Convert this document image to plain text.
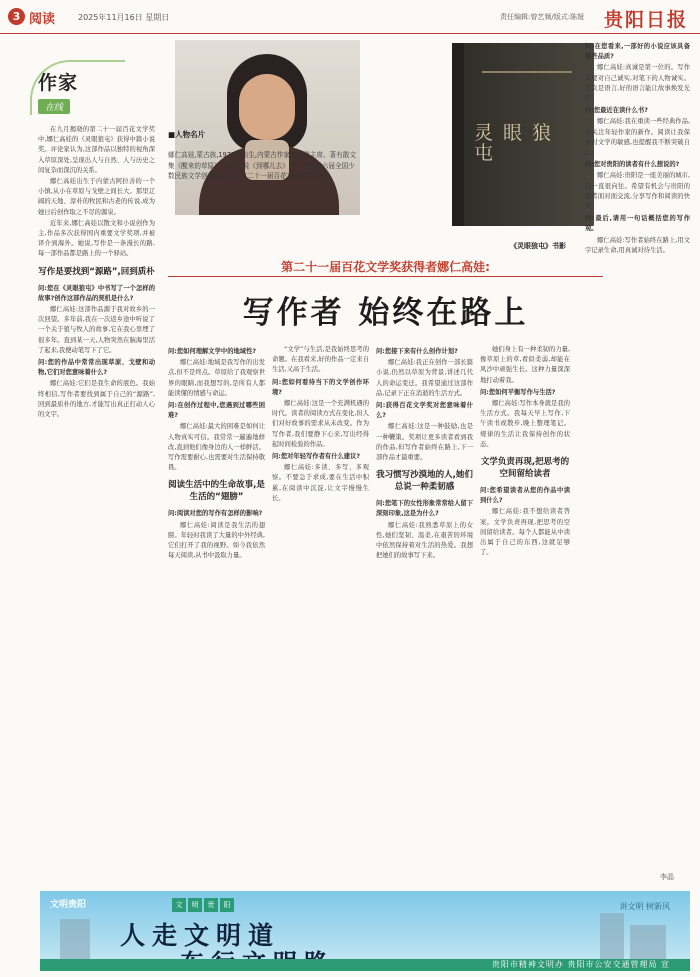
3 阅读	2025年11月16日 星期日	责任编辑:曾艺频/版式:陈娅 贵阳日报
作家
在线
■人物名片
娜仁高娃,蒙古族,1972年出生,内蒙古作家协会副主席。著有散文集《醒来的草原》,长篇小说《到哪儿去》等。曾获第六届全国少数民族文学创作骏马奖、第二十一届百花文学奖等奖项。
灵 眼 狼 屯
《灵眼狼屯》书影
第二十一届百花文学奖获得者娜仁高娃:
写作者 始终在路上
在九月揭晓的第二十一届百花文学奖中,娜仁高娃的《灵眼狼屯》获得中篇小说奖。评论家认为,这部作品以独特的视角深入草原深处,呈现出人与自然、人与历史之间复杂而深沉的关系。
娜仁高娃出生于内蒙古阿拉善的一个小镇,从小在草原与戈壁之间长大。那里辽阔的天地、淳朴的牧民和古老的传说,成为她日后创作取之不尽的源泉。
近年来,娜仁高娃以散文和小说创作为主,作品多次获得国内重要文学奖项,并被译介到海外。她说,写作是一条漫长的路,每一部作品都是路上的一个驿站。
写作是要找到“源路”,回到质朴
问:您在《灵眼狼屯》中书写了一个怎样的故事?创作这部作品的契机是什么?
娜仁高娃:这部作品源于我对故乡的一次回望。多年前,我在一次返乡途中听说了一个关于狼与牧人的故事,它在我心里埋了很多年。直到某一天,人物突然在脑海里活了起来,我便动笔写下了它。
问:您的作品中常常出现草原、戈壁和动物,它们对您意味着什么?
娜仁高娃:它们是我生命的底色。我始终相信,写作者要找到属于自己的“源路”,回到最质朴的地方,才能写出真正打动人心的文字。
问:您如何理解文学中的地域性?
娜仁高娃:地域是我写作的出发点,但不是终点。草原给了我观察世界的眼睛,而我想写的,是所有人都能读懂的情感与命运。
问:在创作过程中,您遇到过哪些困难?
娜仁高娃:最大的困难是如何让人物真实可信。我常常一遍遍地修改,直到他们像身边的人一样鲜活。写作需要耐心,也需要对生活保持敬畏。
阅读生活中的生命故事,是生活的“翅膀”
问:阅读对您的写作有怎样的影响?
娜仁高娃:阅读是我生活的翅膀。年轻时我读了大量的中外经典,它们打开了我的视野。如今我依然每天阅读,从书中汲取力量。
“文学”与生活,是我始终思考的命题。在我看来,好的作品一定来自生活,又高于生活。
问:您如何看待当下的文学创作环境?
娜仁高娃:这是一个充满机遇的时代。读者的阅读方式在变化,但人们对好故事的需求从未改变。作为写作者,我们要静下心来,写出经得起时间检验的作品。
问:您对年轻写作者有什么建议?
娜仁高娃:多读、多写、多观察。不要急于求成,要在生活中积累,在阅读中沉淀,让文字慢慢生长。
问:您接下来有什么创作计划?
娜仁高娃:我正在创作一部长篇小说,仍然以草原为背景,讲述几代人的命运变迁。我希望通过这部作品,记录下正在消逝的生活方式。
问:获得百花文学奖对您意味着什么?
娜仁高娃:这是一种鼓励,也是一种鞭策。奖项让更多读者看到我的作品,但写作者始终在路上,下一部作品才最重要。
我习惯写沙漠地的人,她们总说一种柔韧感
问:您笔下的女性形象常常给人留下深刻印象,这是为什么?
娜仁高娃:我熟悉草原上的女性,她们坚韧、温柔,在艰苦的环境中依然保持着对生活的热爱。我想把她们的故事写下来。
她们身上有一种柔韧的力量,像草原上的草,看似柔弱,却能在风沙中顽强生长。这种力量深深地打动着我。
问:您如何平衡写作与生活?
娜仁高娃:写作本身就是我的生活方式。我每天早上写作,下午读书或散步,晚上整理笔记。规律的生活让我保持创作的状态。
文学负责再现,把思考的空间留给读者
问:您希望读者从您的作品中读到什么?
娜仁高娃:我不想给读者答案。文学负责再现,把思考的空间留给读者。每个人都能从中读出属于自己的东西,这就足够了。
问:在您看来,一部好的小说应该具备哪些品质?
娜仁高娃:真诚是第一位的。写作者要对自己诚实,对笔下的人物诚实。其次是语言,好的语言能让故事焕发光彩。
问:您最近在读什么书?
娜仁高娃:我在重读一些经典作品,也关注年轻作家的新作。阅读让我保持对文学的敏感,也提醒我不断突破自己。
问:您对贵阳的读者有什么想说的?
娜仁高娃:贵阳是一座美丽的城市,我一直很向往。希望有机会与贵阳的读者面对面交流,分享写作和阅读的快乐。
问:最后,请用一句话概括您的写作观。
娜仁高娃:写作者始终在路上,用文字记录生命,用真诚对待生活。
李晶
文明贵阳	文	明	贵	阳	讲文明 树新风
人走文明道
贵阳市精神文明办 贵阳市公安交通管理局 宣
